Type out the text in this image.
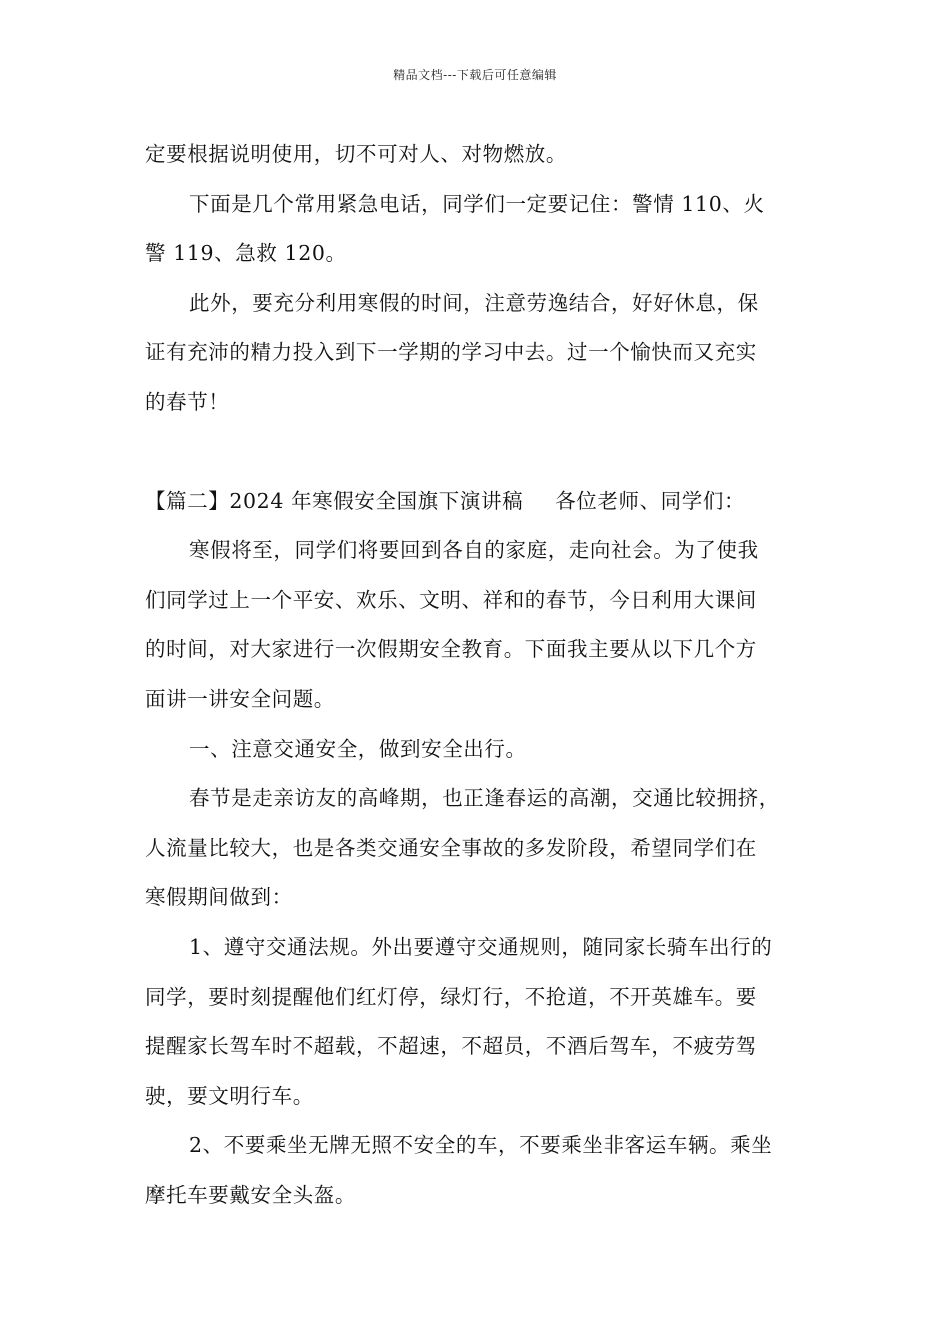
精品文档---下载后可任意编辑
定要根据说明使用，切不可对人、对物燃放。
下面是几个常用紧急电话，同学们一定要记住：警情 110、火
警 119、急救 120。
此外，要充分利用寒假的时间，注意劳逸结合，好好休息，保
证有充沛的精力投入到下一学期的学习中去。过一个愉快而又充实
的春节！
【篇二】2024 年寒假安全国旗下演讲稿 各位老师、同学们：
寒假将至，同学们将要回到各自的家庭，走向社会。为了使我
们同学过上一个平安、欢乐、文明、祥和的春节，今日利用大课间
的时间，对大家进行一次假期安全教育。下面我主要从以下几个方
面讲一讲安全问题。
一、注意交通安全，做到安全出行。
春节是走亲访友的高峰期，也正逢春运的高潮，交通比较拥挤，
人流量比较大，也是各类交通安全事故的多发阶段，希望同学们在
寒假期间做到：
1、遵守交通法规。外出要遵守交通规则，随同家长骑车出行的
同学，要时刻提醒他们红灯停，绿灯行，不抢道，不开英雄车。要
提醒家长驾车时不超载，不超速，不超员，不酒后驾车，不疲劳驾
驶，要文明行车。
2、不要乘坐无牌无照不安全的车，不要乘坐非客运车辆。乘坐
摩托车要戴安全头盔。
